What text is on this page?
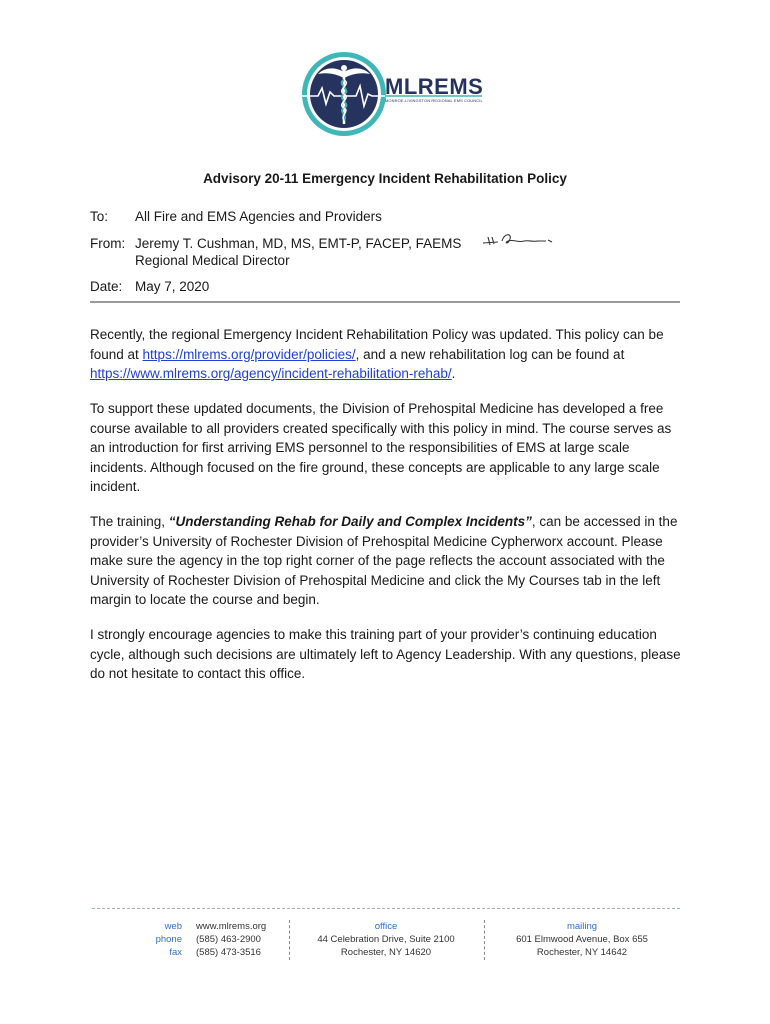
MLREMS
MONROE-LIVINGSTON REGIONAL EMS COUNCIL
Advisory 20-11 Emergency Incident Rehabilitation Policy
To: All Fire and EMS Agencies and Providers
From: Jeremy T. Cushman, MD, MS, EMT-P, FACEP, FAEMS
Regional Medical Director
Date: May 7, 2020

Recently, the regional Emergency Incident Rehabilitation Policy was updated. This policy can be found at https://mlrems.org/provider/policies/, and a new rehabilitation log can be found at https://www.mlrems.org/agency/incident-rehabilitation-rehab/.

To support these updated documents, the Division of Prehospital Medicine has developed a free course available to all providers created specifically with this policy in mind. The course serves as an introduction for first arriving EMS personnel to the responsibilities of EMS at large scale incidents. Although focused on the fire ground, these concepts are applicable to any large scale incident.

The training, “Understanding Rehab for Daily and Complex Incidents”, can be accessed in the provider’s University of Rochester Division of Prehospital Medicine Cypherworx account. Please make sure the agency in the top right corner of the page reflects the account associated with the University of Rochester Division of Prehospital Medicine and click the My Courses tab in the left margin to locate the course and begin.

I strongly encourage agencies to make this training part of your provider’s continuing education cycle, although such decisions are ultimately left to Agency Leadership. With any questions, please do not hesitate to contact this office.

web www.mlrems.org
phone (585) 463-2900
fax (585) 473-3516
office
44 Celebration Drive, Suite 2100
Rochester, NY 14620
mailing
601 Elmwood Avenue, Box 655
Rochester, NY 14642
